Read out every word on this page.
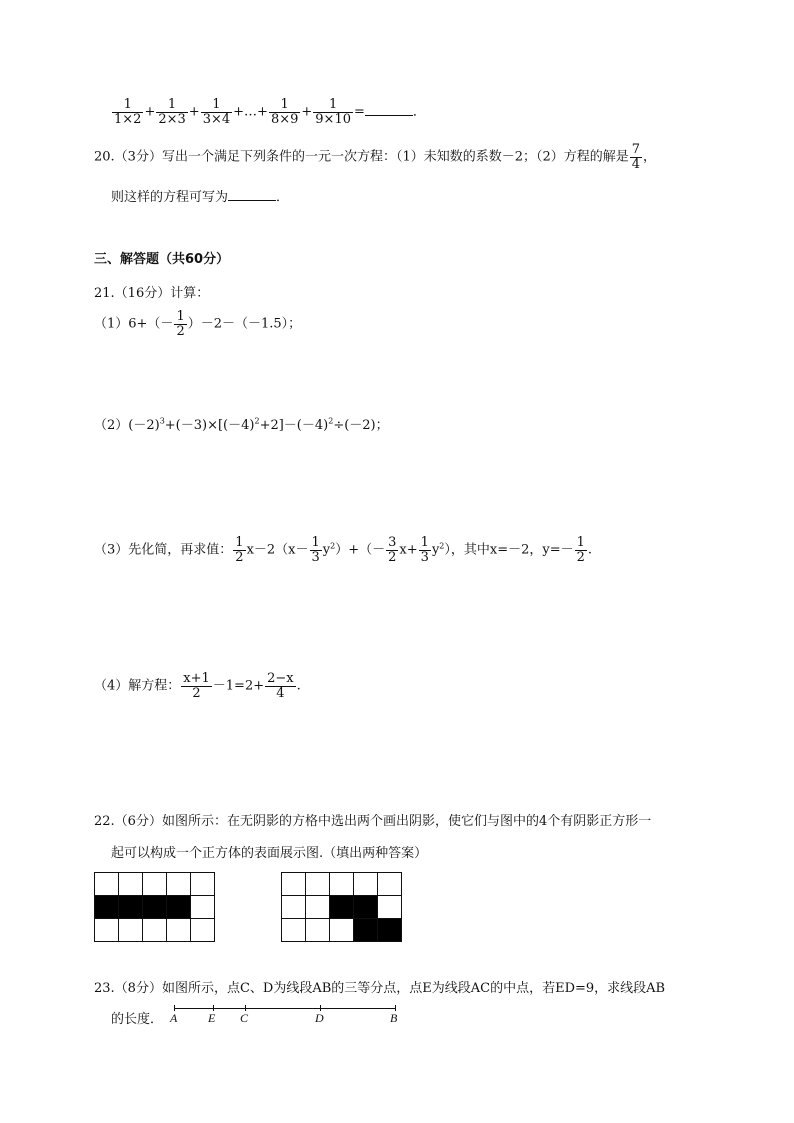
$\frac{1}{1\times 2} + \frac{1}{2\times 3} + \frac{1}{3\times 4}$ +…+ $\frac{1}{8\times 9} + \frac{1}{9\times 10}$ =	．
20.（3分）写出一个满足下列条件的一元一次方程：（1）未知数的系数－2；（2）方程的解是 $\frac{7}{4}$ ，
则这样的方程可写为	．
三、解答题（共60分）
21.（16分）计算：
$(1)6+(- \frac{1}{2} )-2-(-1.5)$；
$(2)(-2)^3+(-3)\times[(-4)^2+2]-(-4)^2\div(-2)$；
（3）先化简，再求值： $\frac{1}{2} x-2(x- \frac{1}{3} y^2)+(- \frac{3}{2} x+ \frac{1}{3} y^2)$，其中x=－2，$y=- \frac{1}{2}$ .
（4）解方程： $\frac{x+1}{2} -1=2+ \frac{2-x}{4}$ .
22.（6分）如图所示：在无阴影的方格中选出两个画出阴影，使它们与图中的4个有阴影正方形一
起可以构成一个正方体的表面展示图.（填出两种答案）

23.（8分）如图所示，点C、D为线段AB的三等分点，点E为线段AC的中点，若ED=9，求线段AB
的长度． A	E C	D	B
